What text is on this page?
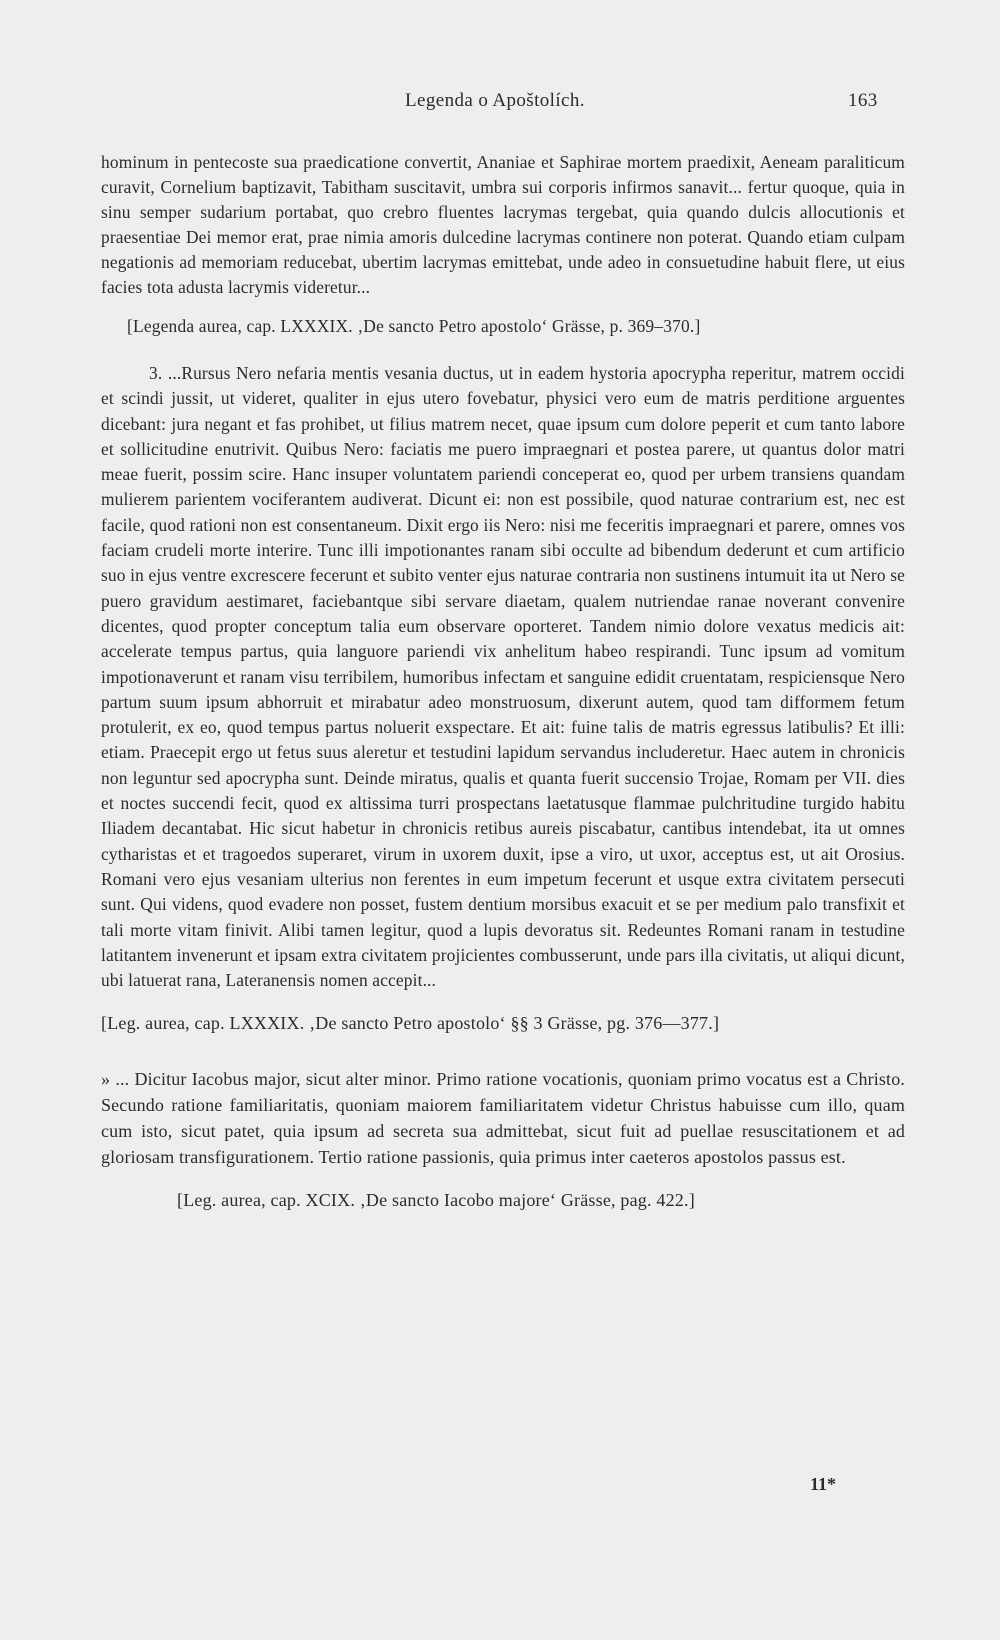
Legenda o Apoštolích.	163

hominum in pentecoste sua praedicatione convertit, Ananiae et Saphirae mortem praedixit, Aeneam paraliticum curavit, Cornelium baptizavit, Tabitham suscitavit, umbra sui corporis infirmos sanavit... fertur quoque, quia in sinu semper sudarium portabat, quo crebro fluentes lacrymas tergebat, quia quando dulcis allocutionis et praesentiae Dei memor erat, prae nimia amoris dulcedine lacrymas continere non poterat. Quando etiam culpam negationis ad memoriam reducebat, ubertim lacrymas emittebat, unde adeo in consuetudine habuit flere, ut eius facies tota adusta lacrymis videretur...

[Legenda aurea, cap. LXXXIX. ‚De sancto Petro apostolo‘ Grässe, p. 369–370.]

3. ...Rursus Nero nefaria mentis vesania ductus, ut in eadem hystoria apocrypha reperitur, matrem occidi et scindi jussit, ut videret, qualiter in ejus utero fovebatur, physici vero eum de matris perditione arguentes dicebant: jura negant et fas prohibet, ut filius matrem necet, quae ipsum cum dolore peperit et cum tanto labore et sollicitudine enutrivit. Quibus Nero: faciatis me puero impraegnari et postea parere, ut quantus dolor matri meae fuerit, possim scire. Hanc insuper voluntatem pariendi conceperat eo, quod per urbem transiens quandam mulierem parientem vociferantem audiverat. Dicunt ei: non est possibile, quod naturae contrarium est, nec est facile, quod rationi non est consentaneum. Dixit ergo iis Nero: nisi me feceritis impraegnari et parere, omnes vos faciam crudeli morte interire. Tunc illi impotionantes ranam sibi occulte ad bibendum dederunt et cum artificio suo in ejus ventre excrescere fecerunt et subito venter ejus naturae contraria non sustinens intumuit ita ut Nero se puero gravidum aestimaret, faciebantque sibi servare diaetam, qualem nutriendae ranae noverant convenire dicentes, quod propter conceptum talia eum observare oporteret. Tandem nimio dolore vexatus medicis ait: accelerate tempus partus, quia languore pariendi vix anhelitum habeo respirandi. Tunc ipsum ad vomitum impotionaverunt et ranam visu terribilem, humoribus infectam et sanguine edidit cruentatam, respiciensque Nero partum suum ipsum abhorruit et mirabatur adeo monstruosum, dixerunt autem, quod tam difformem fetum protulerit, ex eo, quod tempus partus noluerit exspectare. Et ait: fuine talis de matris egressus latibulis? Et illi: etiam. Praecepit ergo ut fetus suus aleretur et testudini lapidum servandus includeretur. Haec autem in chronicis non leguntur sed apocrypha sunt. Deinde miratus, qualis et quanta fuerit succensio Trojae, Romam per VII. dies et noctes succendi fecit, quod ex altissima turri prospectans laetatusque flammae pulchritudine turgido habitu Iliadem decantabat. Hic sicut habetur in chronicis retibus aureis piscabatur, cantibus intendebat, ita ut omnes cytharistas et et tragoedos superaret, virum in uxorem duxit, ipse a viro, ut uxor, acceptus est, ut ait Orosius. Romani vero ejus vesaniam ulterius non ferentes in eum impetum fecerunt et usque extra civitatem persecuti sunt. Qui videns, quod evadere non posset, fustem dentium morsibus exacuit et se per medium palo transfixit et tali morte vitam finivit. Alibi tamen legitur, quod a lupis devoratus sit. Redeuntes Romani ranam in testudine latitantem invenerunt et ipsam extra civitatem projicientes combusserunt, unde pars illa civitatis, ut aliqui dicunt, ubi latuerat rana, Lateranensis nomen accepit...

[Leg. aurea, cap. LXXXIX. ‚De sancto Petro apostolo‘ §§ 3 Grässe, pg. 376—377.]

» ... Dicitur Iacobus major, sicut alter minor. Primo ratione vocationis, quoniam primo vocatus est a Christo. Secundo ratione familiaritatis, quoniam maiorem familiaritatem videtur Christus habuisse cum illo, quam cum isto, sicut patet, quia ipsum ad secreta sua admittebat, sicut fuit ad puellae resuscitationem et ad gloriosam transfigurationem. Tertio ratione passionis, quia primus inter caeteros apostolos passus est.

[Leg. aurea, cap. XCIX. ‚De sancto Iacobo majore‘ Grässe, pag. 422.]

11*
